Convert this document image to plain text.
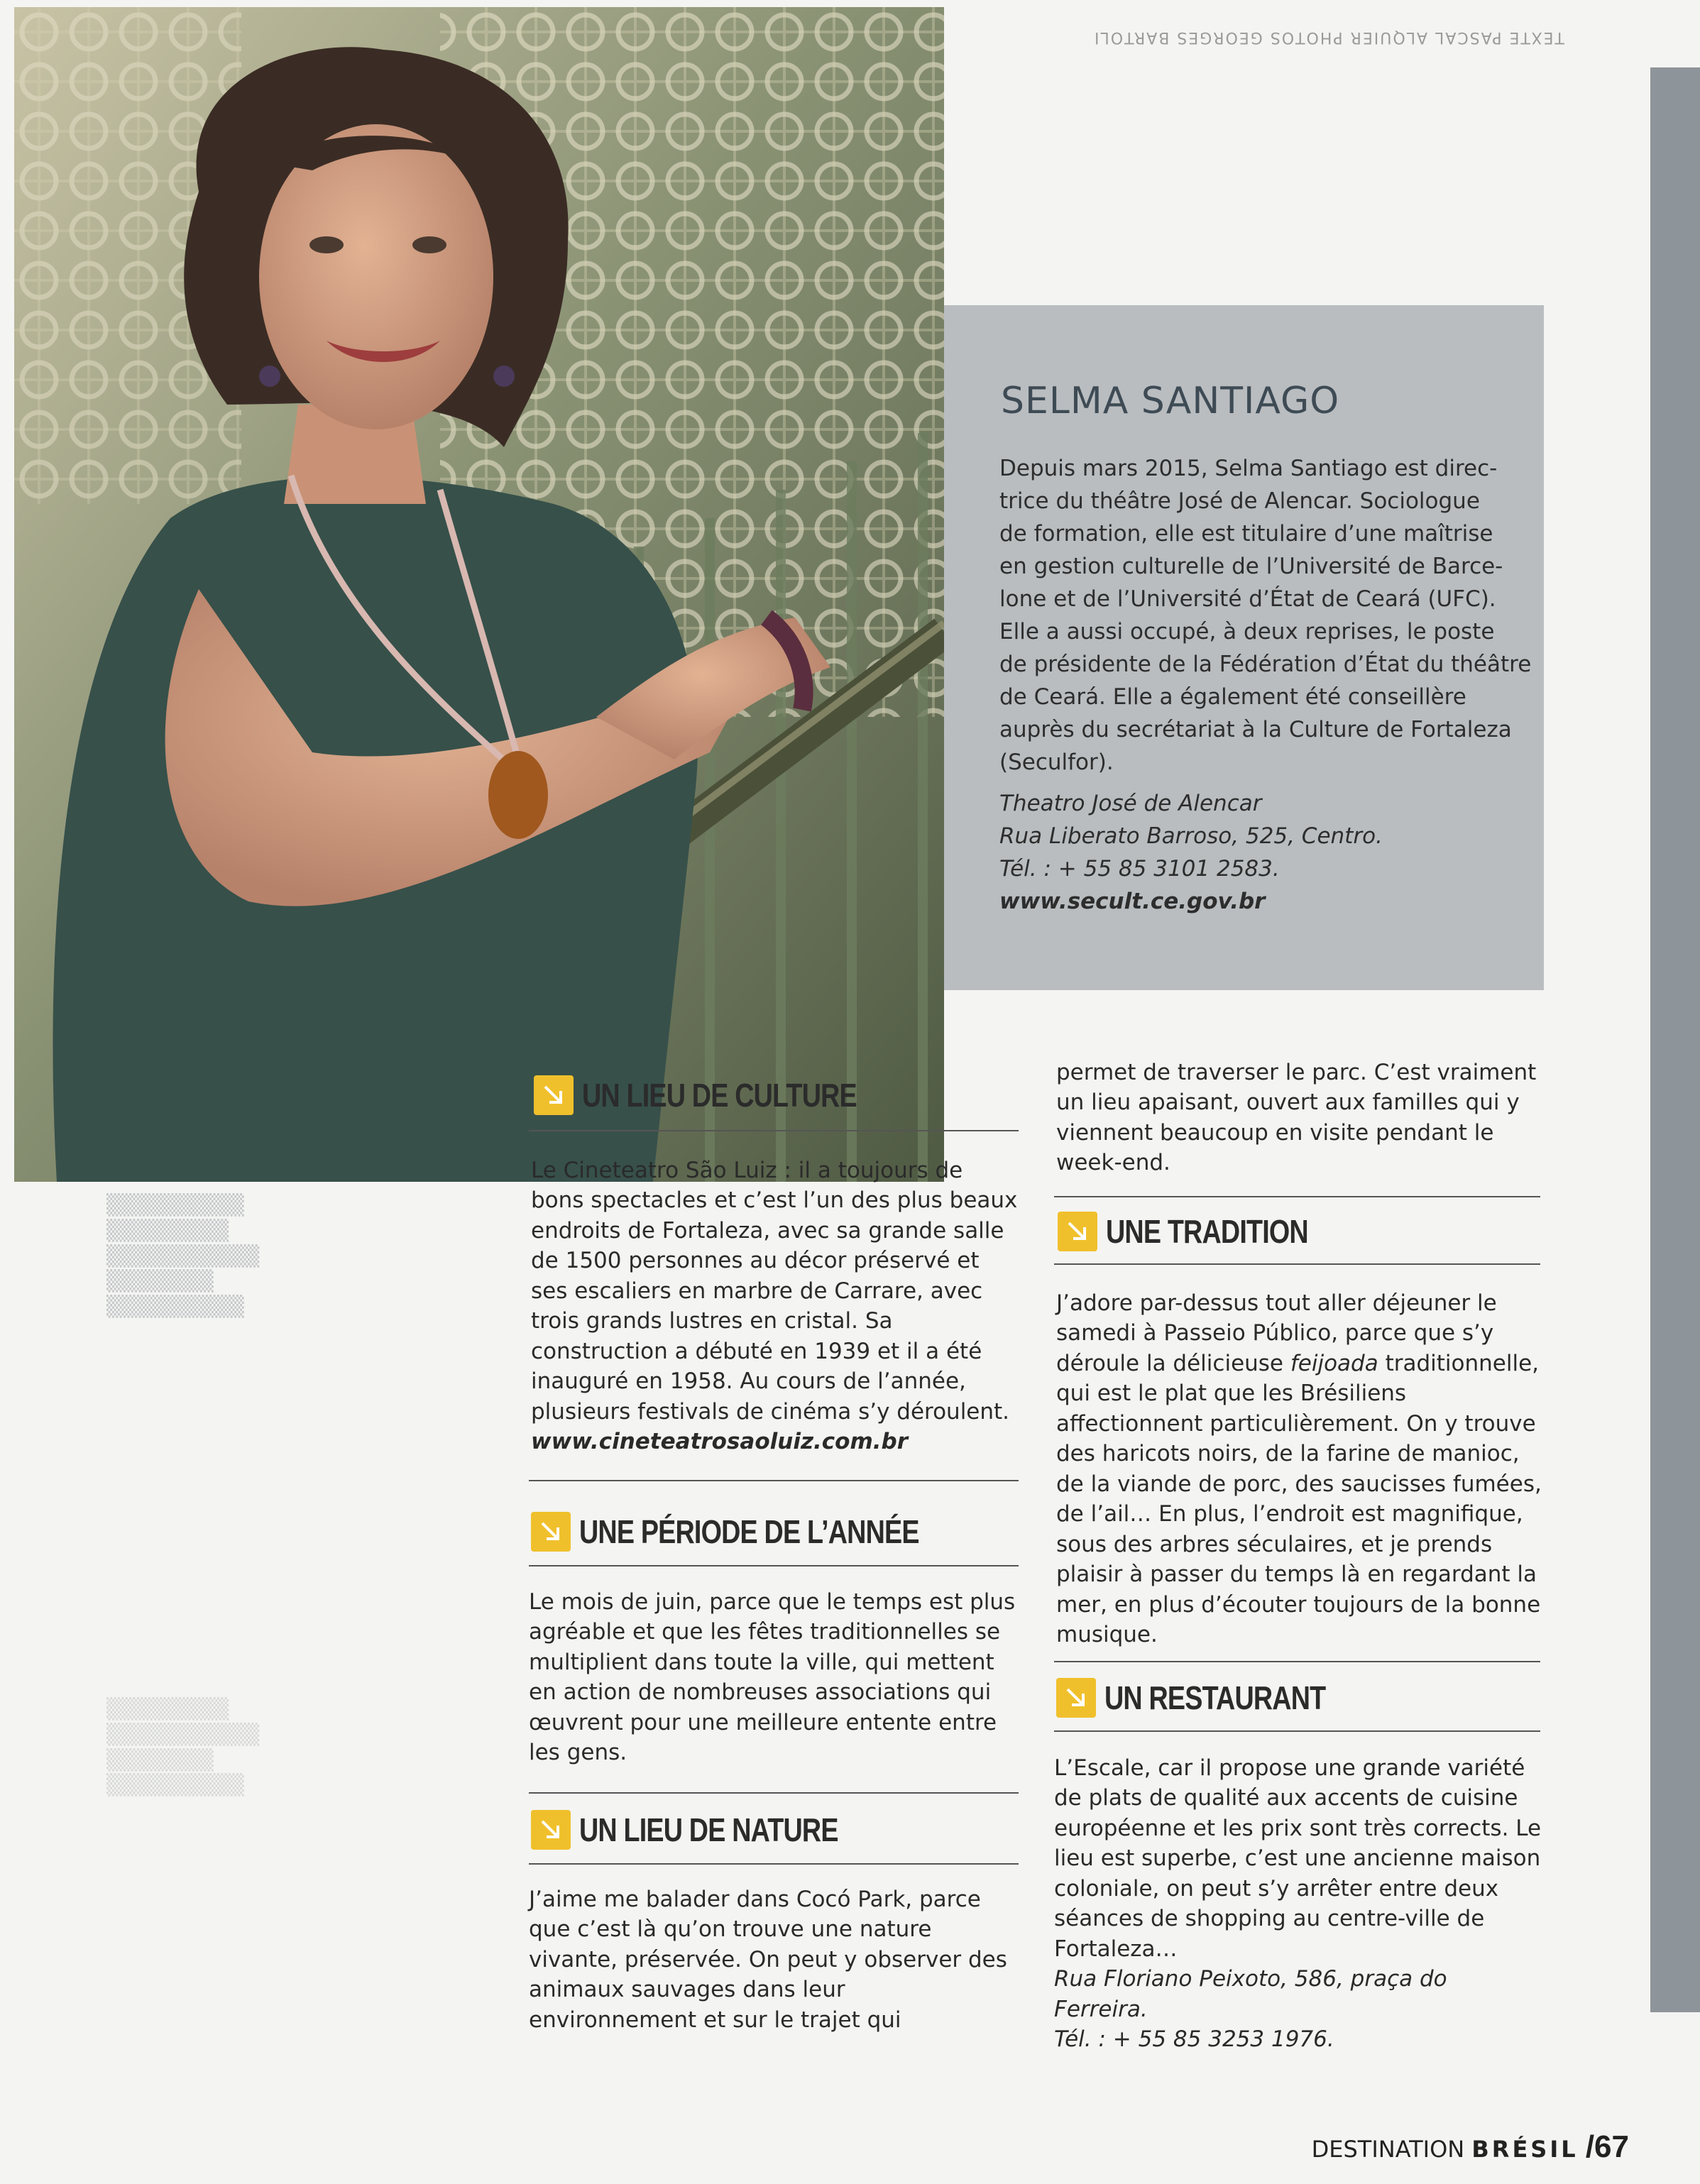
TEXTE PASCAL ALQUIER PHOTOS GEORGES BARTOLI
▒▒▒▒▒▒▒▒▒
▒▒▒▒▒▒▒▒
▒▒▒▒▒▒▒▒▒▒
▒▒▒▒▒▒▒
▒▒▒▒▒▒▒▒▒
▒▒▒▒▒▒▒▒
▒▒▒▒▒▒▒▒▒▒
▒▒▒▒▒▒▒
▒▒▒▒▒▒▒▒▒
SELMA SANTIAGO
Depuis mars 2015, Selma Santiago est direc-
trice du théâtre José de Alencar. Sociologue
de formation, elle est titulaire d’une maîtrise
en gestion culturelle de l’Université de Barce-
lone et de l’Université d’État de Ceará (UFC).
Elle a aussi occupé, à deux reprises, le poste
de présidente de la Fédération d’État du théâtre
de Ceará. Elle a également été conseillère
auprès du secrétariat à la Culture de Fortaleza
(Seculfor).
Theatro José de Alencar
Rua Liberato Barroso, 525, Centro.
Tél. : + 55 85 3101 2583.
www.secult.ce.gov.br
UN LIEU DE CULTURE

Le Cineteatro São Luiz : il a toujours de bons spectacles et c’est l’un des plus beaux endroits de Fortaleza, avec sa grande salle de 1500 personnes au décor préservé et ses escaliers en marbre de Carrare, avec trois grands lustres en cristal. Sa construction a débuté en 1939 et il a été inauguré en 1958. Au cours de l’année, plusieurs festivals de cinéma s’y déroulent.

www.cineteatrosaoluiz.com.br

UNE PÉRIODE DE L’ANNÉE

Le mois de juin, parce que le temps est plus agréable et que les fêtes traditionnelles se multiplient dans toute la ville, qui mettent en action de nombreuses associations qui œuvrent pour une meilleure entente entre les gens.

UN LIEU DE NATURE

J’aime me balader dans Cocó Park, parce que c’est là qu’on trouve une nature vivante, préservée. On peut y observer des animaux sauvages dans leur environnement et sur le trajet qui

permet de traverser le parc. C’est vraiment un lieu apaisant, ouvert aux familles qui y viennent beaucoup en visite pendant le week-end.

UNE TRADITION

J’adore par-dessus tout aller déjeuner le samedi à Passeio Público, parce que s’y déroule la délicieuse feijoada traditionnelle, qui est le plat que les Brésiliens affectionnent particulièrement. On y trouve des haricots noirs, de la farine de manioc, de la viande de porc, des saucisses fumées, de l’ail… En plus, l’endroit est magnifique, sous des arbres séculaires, et je prends plaisir à passer du temps là en regardant la mer, en plus d’écouter toujours de la bonne musique.

UN RESTAURANT

L’Escale, car il propose une grande variété de plats de qualité aux accents de cuisine européenne et les prix sont très corrects. Le lieu est superbe, c’est une ancienne maison coloniale, on peut s’y arrêter entre deux séances de shopping au centre-ville de Fortaleza…

Rua Floriano Peixoto, 586, praça do Ferreira.

Tél. : + 55 85 3253 1976.

DESTINATION BRÉSIL /67
